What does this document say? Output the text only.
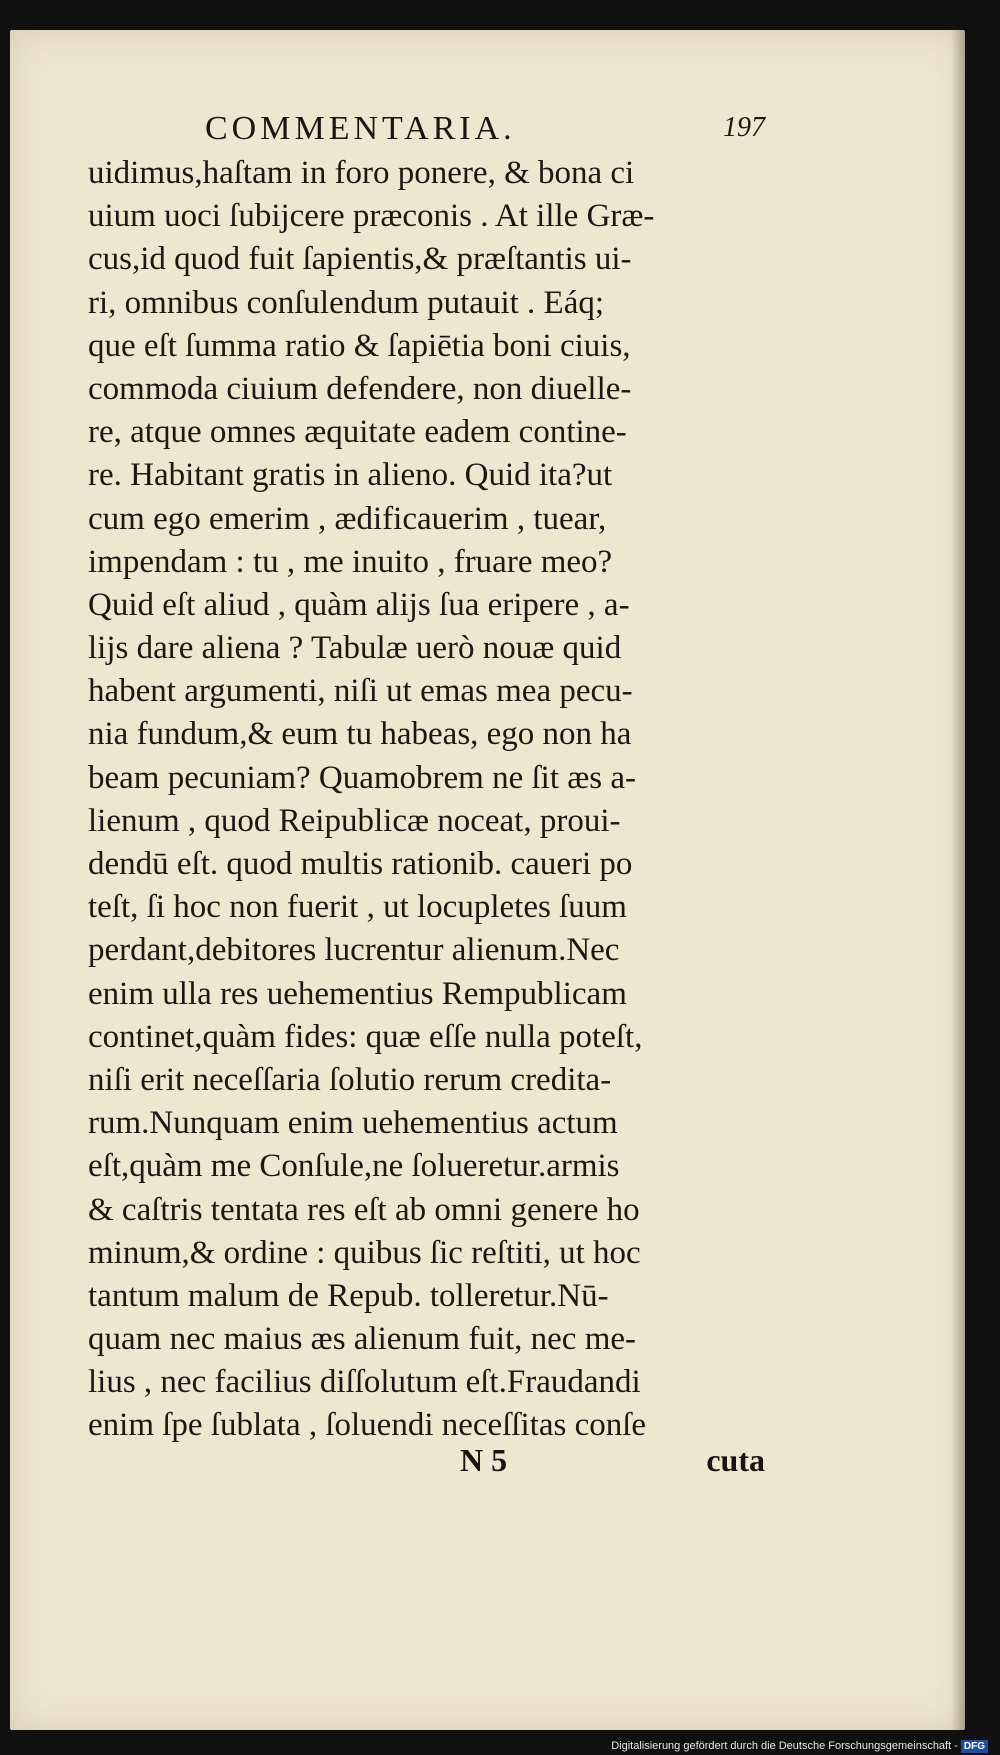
COMMENTARIA.	197
uidimus,haſtam in foro ponere, & bona ci
uium uoci ſubijcere præconis . At ille Græ-
cus,id quod fuit ſapientis,& præſtantis ui-
ri, omnibus conſulendum putauit . Eáq;
que eſt ſumma ratio & ſapiētia boni ciuis,
commoda ciuium defendere, non diuelle-
re, atque omnes æquitate eadem contine-
re. Habitant gratis in alieno. Quid ita?ut
cum ego emerim , ædificauerim , tuear,
impendam : tu , me inuito , fruare meo?
Quid eſt aliud , quàm alijs ſua eripere , a-
lijs dare aliena ? Tabulæ uerò nouæ quid
habent argumenti, niſi ut emas mea pecu-
nia fundum,& eum tu habeas, ego non ha
beam pecuniam? Quamobrem ne ſit æs a-
lienum , quod Reipublicæ noceat, proui-
dendū eſt. quod multis rationib. caueri po
teſt, ſi hoc non fuerit , ut locupletes ſuum
perdant,debitores lucrentur alienum.Nec
enim ulla res uehementius Rempublicam
continet,quàm fides: quæ eſſe nulla poteſt,
niſi erit neceſſaria ſolutio rerum credita-
rum.Nunquam enim uehementius actum
eſt,quàm me Conſule,ne ſolueretur.armis
& caſtris tentata res eſt ab omni genere ho
minum,& ordine : quibus ſic reſtiti, ut hoc
tantum malum de Repub. tolleretur.Nū-
quam nec maius æs alienum fuit, nec me-
lius , nec facilius diſſolutum eſt.Fraudandi
enim ſpe ſublata , ſoluendi neceſſitas conſe
N 5	cuta
Digitalisierung gefördert durch die Deutsche Forschungsgemeinschaft - DFG
